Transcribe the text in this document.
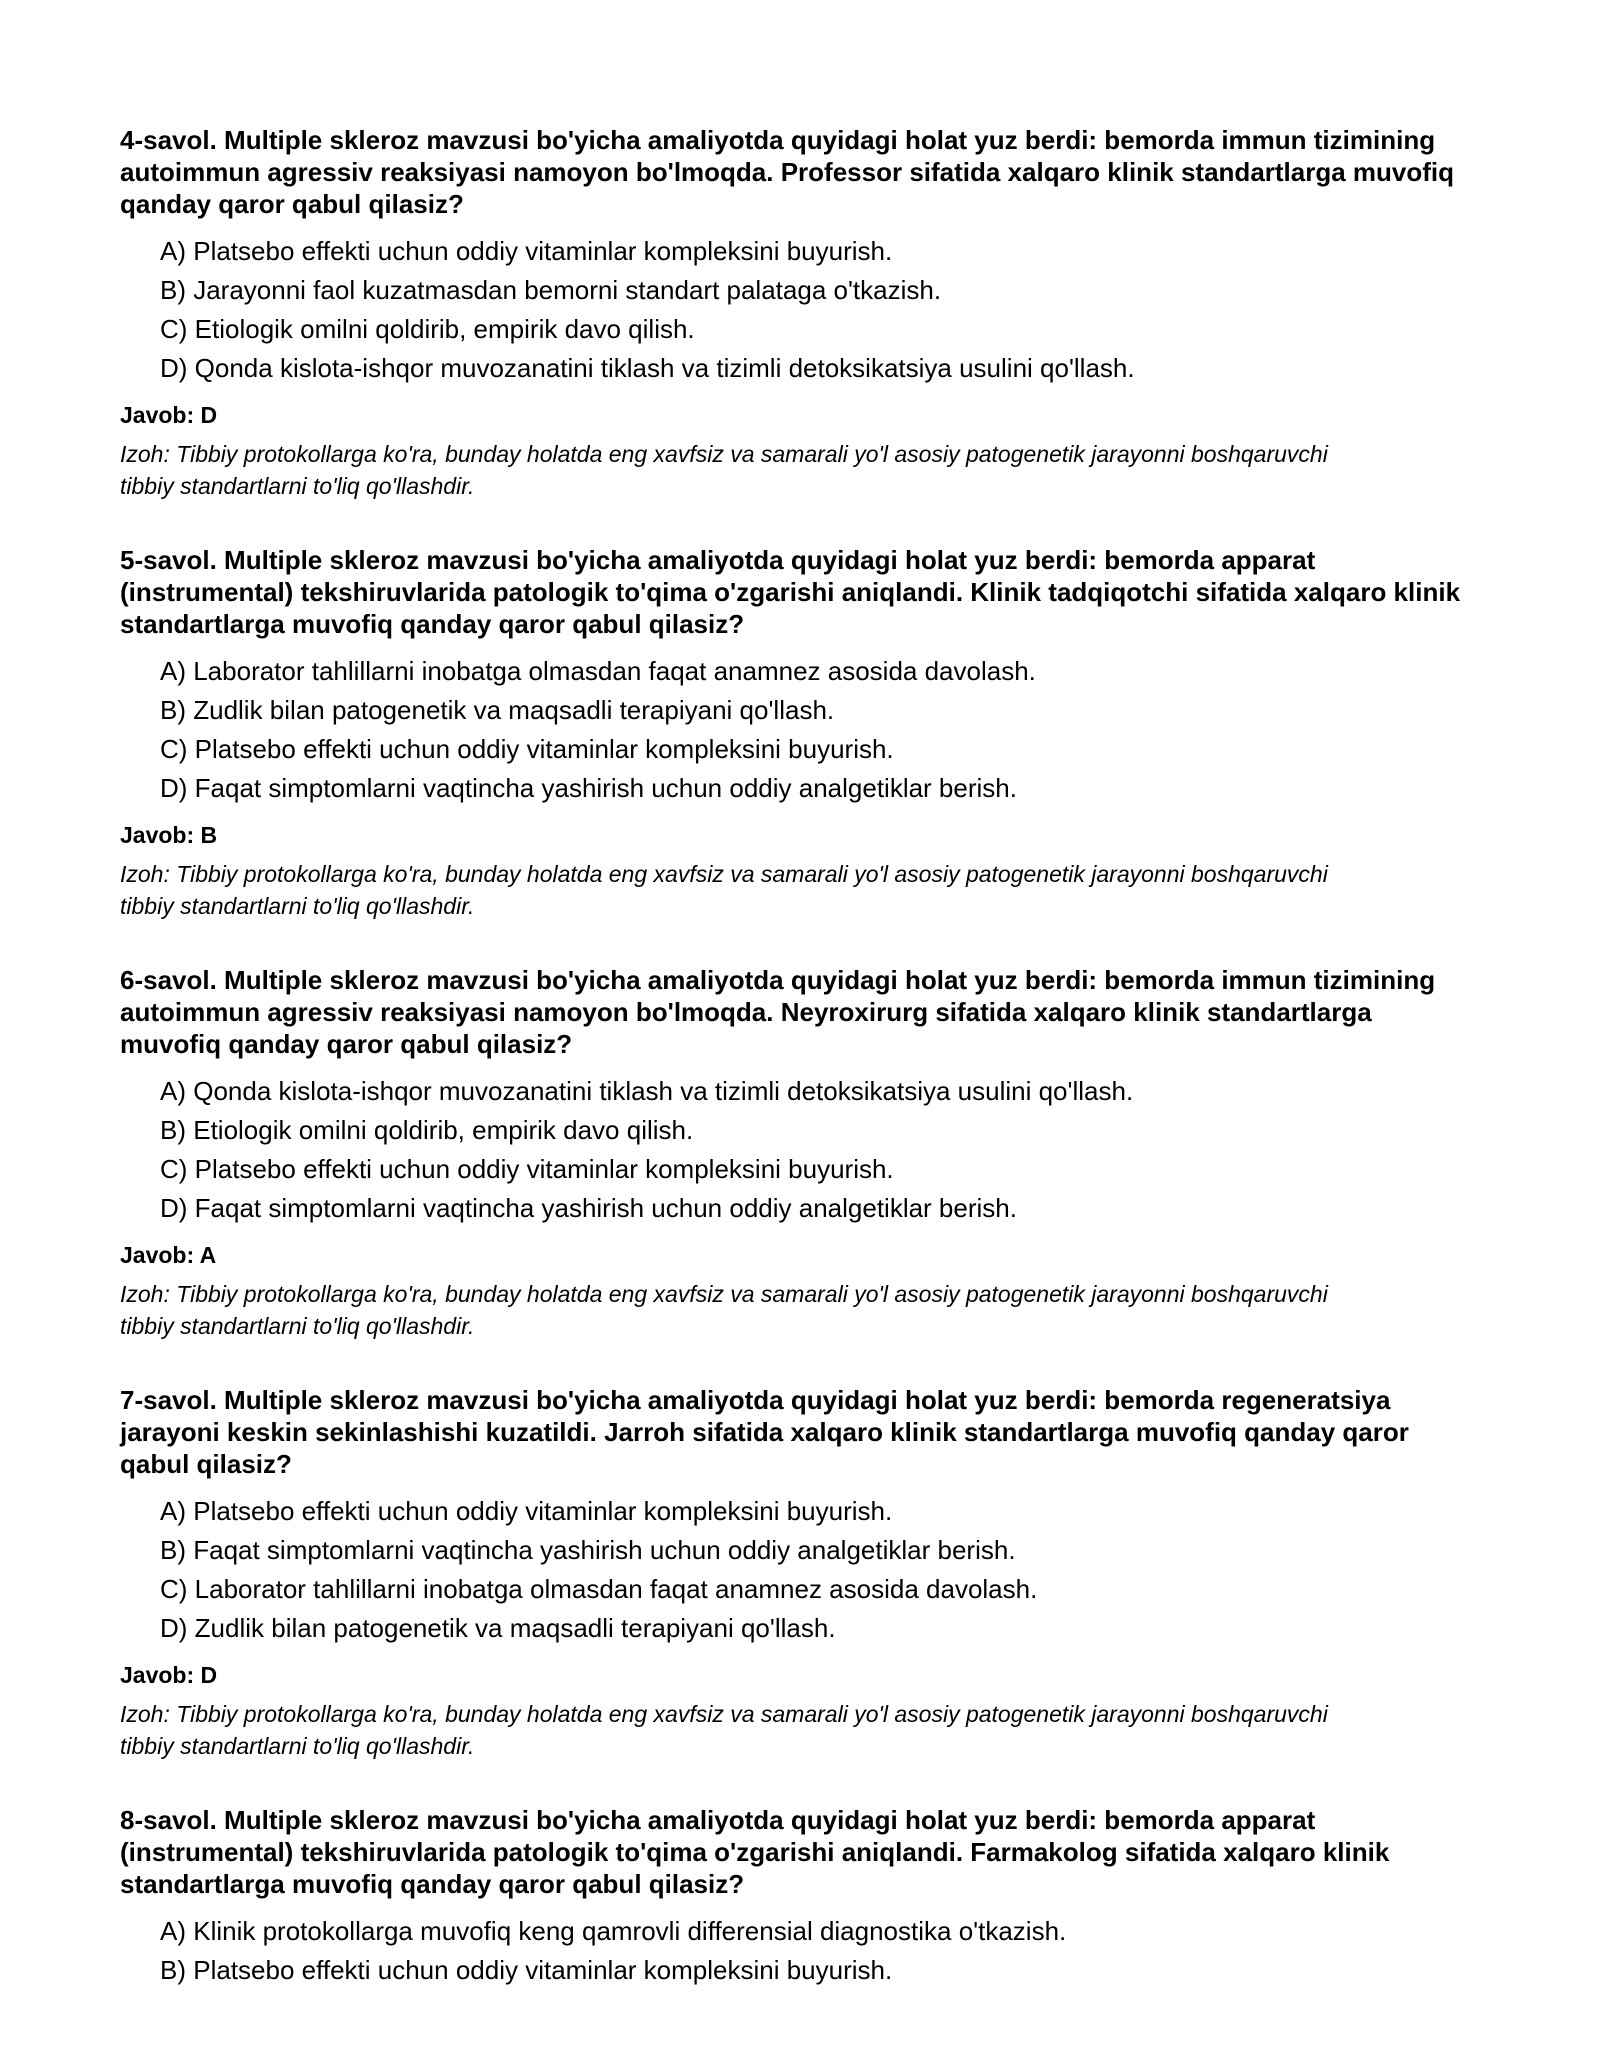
4-savol. Multiple skleroz mavzusi bo'yicha amaliyotda quyidagi holat yuz berdi: bemorda immun tizimining autoimmun agressiv reaksiyasi namoyon bo'lmoqda. Professor sifatida xalqaro klinik standartlarga muvofiq qanday qaror qabul qilasiz?

A) Platsebo effekti uchun oddiy vitaminlar kompleksini buyurish.
B) Jarayonni faol kuzatmasdan bemorni standart palataga o'tkazish.
C) Etiologik omilni qoldirib, empirik davo qilish.
D) Qonda kislota-ishqor muvozanatini tiklash va tizimli detoksikatsiya usulini qo'llash.

Javob: D

Izoh: Tibbiy protokollarga ko'ra, bunday holatda eng xavfsiz va samarali yo'l asosiy patogenetik jarayonni boshqaruvchi tibbiy standartlarni to'liq qo'llashdir.

5-savol. Multiple skleroz mavzusi bo'yicha amaliyotda quyidagi holat yuz berdi: bemorda apparat (instrumental) tekshiruvlarida patologik to'qima o'zgarishi aniqlandi. Klinik tadqiqotchi sifatida xalqaro klinik standartlarga muvofiq qanday qaror qabul qilasiz?

A) Laborator tahlillarni inobatga olmasdan faqat anamnez asosida davolash.
B) Zudlik bilan patogenetik va maqsadli terapiyani qo'llash.
C) Platsebo effekti uchun oddiy vitaminlar kompleksini buyurish.
D) Faqat simptomlarni vaqtincha yashirish uchun oddiy analgetiklar berish.

Javob: B

Izoh: Tibbiy protokollarga ko'ra, bunday holatda eng xavfsiz va samarali yo'l asosiy patogenetik jarayonni boshqaruvchi tibbiy standartlarni to'liq qo'llashdir.

6-savol. Multiple skleroz mavzusi bo'yicha amaliyotda quyidagi holat yuz berdi: bemorda immun tizimining autoimmun agressiv reaksiyasi namoyon bo'lmoqda. Neyroxirurg sifatida xalqaro klinik standartlarga muvofiq qanday qaror qabul qilasiz?

A) Qonda kislota-ishqor muvozanatini tiklash va tizimli detoksikatsiya usulini qo'llash.
B) Etiologik omilni qoldirib, empirik davo qilish.
C) Platsebo effekti uchun oddiy vitaminlar kompleksini buyurish.
D) Faqat simptomlarni vaqtincha yashirish uchun oddiy analgetiklar berish.

Javob: A

Izoh: Tibbiy protokollarga ko'ra, bunday holatda eng xavfsiz va samarali yo'l asosiy patogenetik jarayonni boshqaruvchi tibbiy standartlarni to'liq qo'llashdir.

7-savol. Multiple skleroz mavzusi bo'yicha amaliyotda quyidagi holat yuz berdi: bemorda regeneratsiya jarayoni keskin sekinlashishi kuzatildi. Jarroh sifatida xalqaro klinik standartlarga muvofiq qanday qaror qabul qilasiz?

A) Platsebo effekti uchun oddiy vitaminlar kompleksini buyurish.
B) Faqat simptomlarni vaqtincha yashirish uchun oddiy analgetiklar berish.
C) Laborator tahlillarni inobatga olmasdan faqat anamnez asosida davolash.
D) Zudlik bilan patogenetik va maqsadli terapiyani qo'llash.

Javob: D

Izoh: Tibbiy protokollarga ko'ra, bunday holatda eng xavfsiz va samarali yo'l asosiy patogenetik jarayonni boshqaruvchi tibbiy standartlarni to'liq qo'llashdir.

8-savol. Multiple skleroz mavzusi bo'yicha amaliyotda quyidagi holat yuz berdi: bemorda apparat (instrumental) tekshiruvlarida patologik to'qima o'zgarishi aniqlandi. Farmakolog sifatida xalqaro klinik standartlarga muvofiq qanday qaror qabul qilasiz?

A) Klinik protokollarga muvofiq keng qamrovli differensial diagnostika o'tkazish.
B) Platsebo effekti uchun oddiy vitaminlar kompleksini buyurish.
